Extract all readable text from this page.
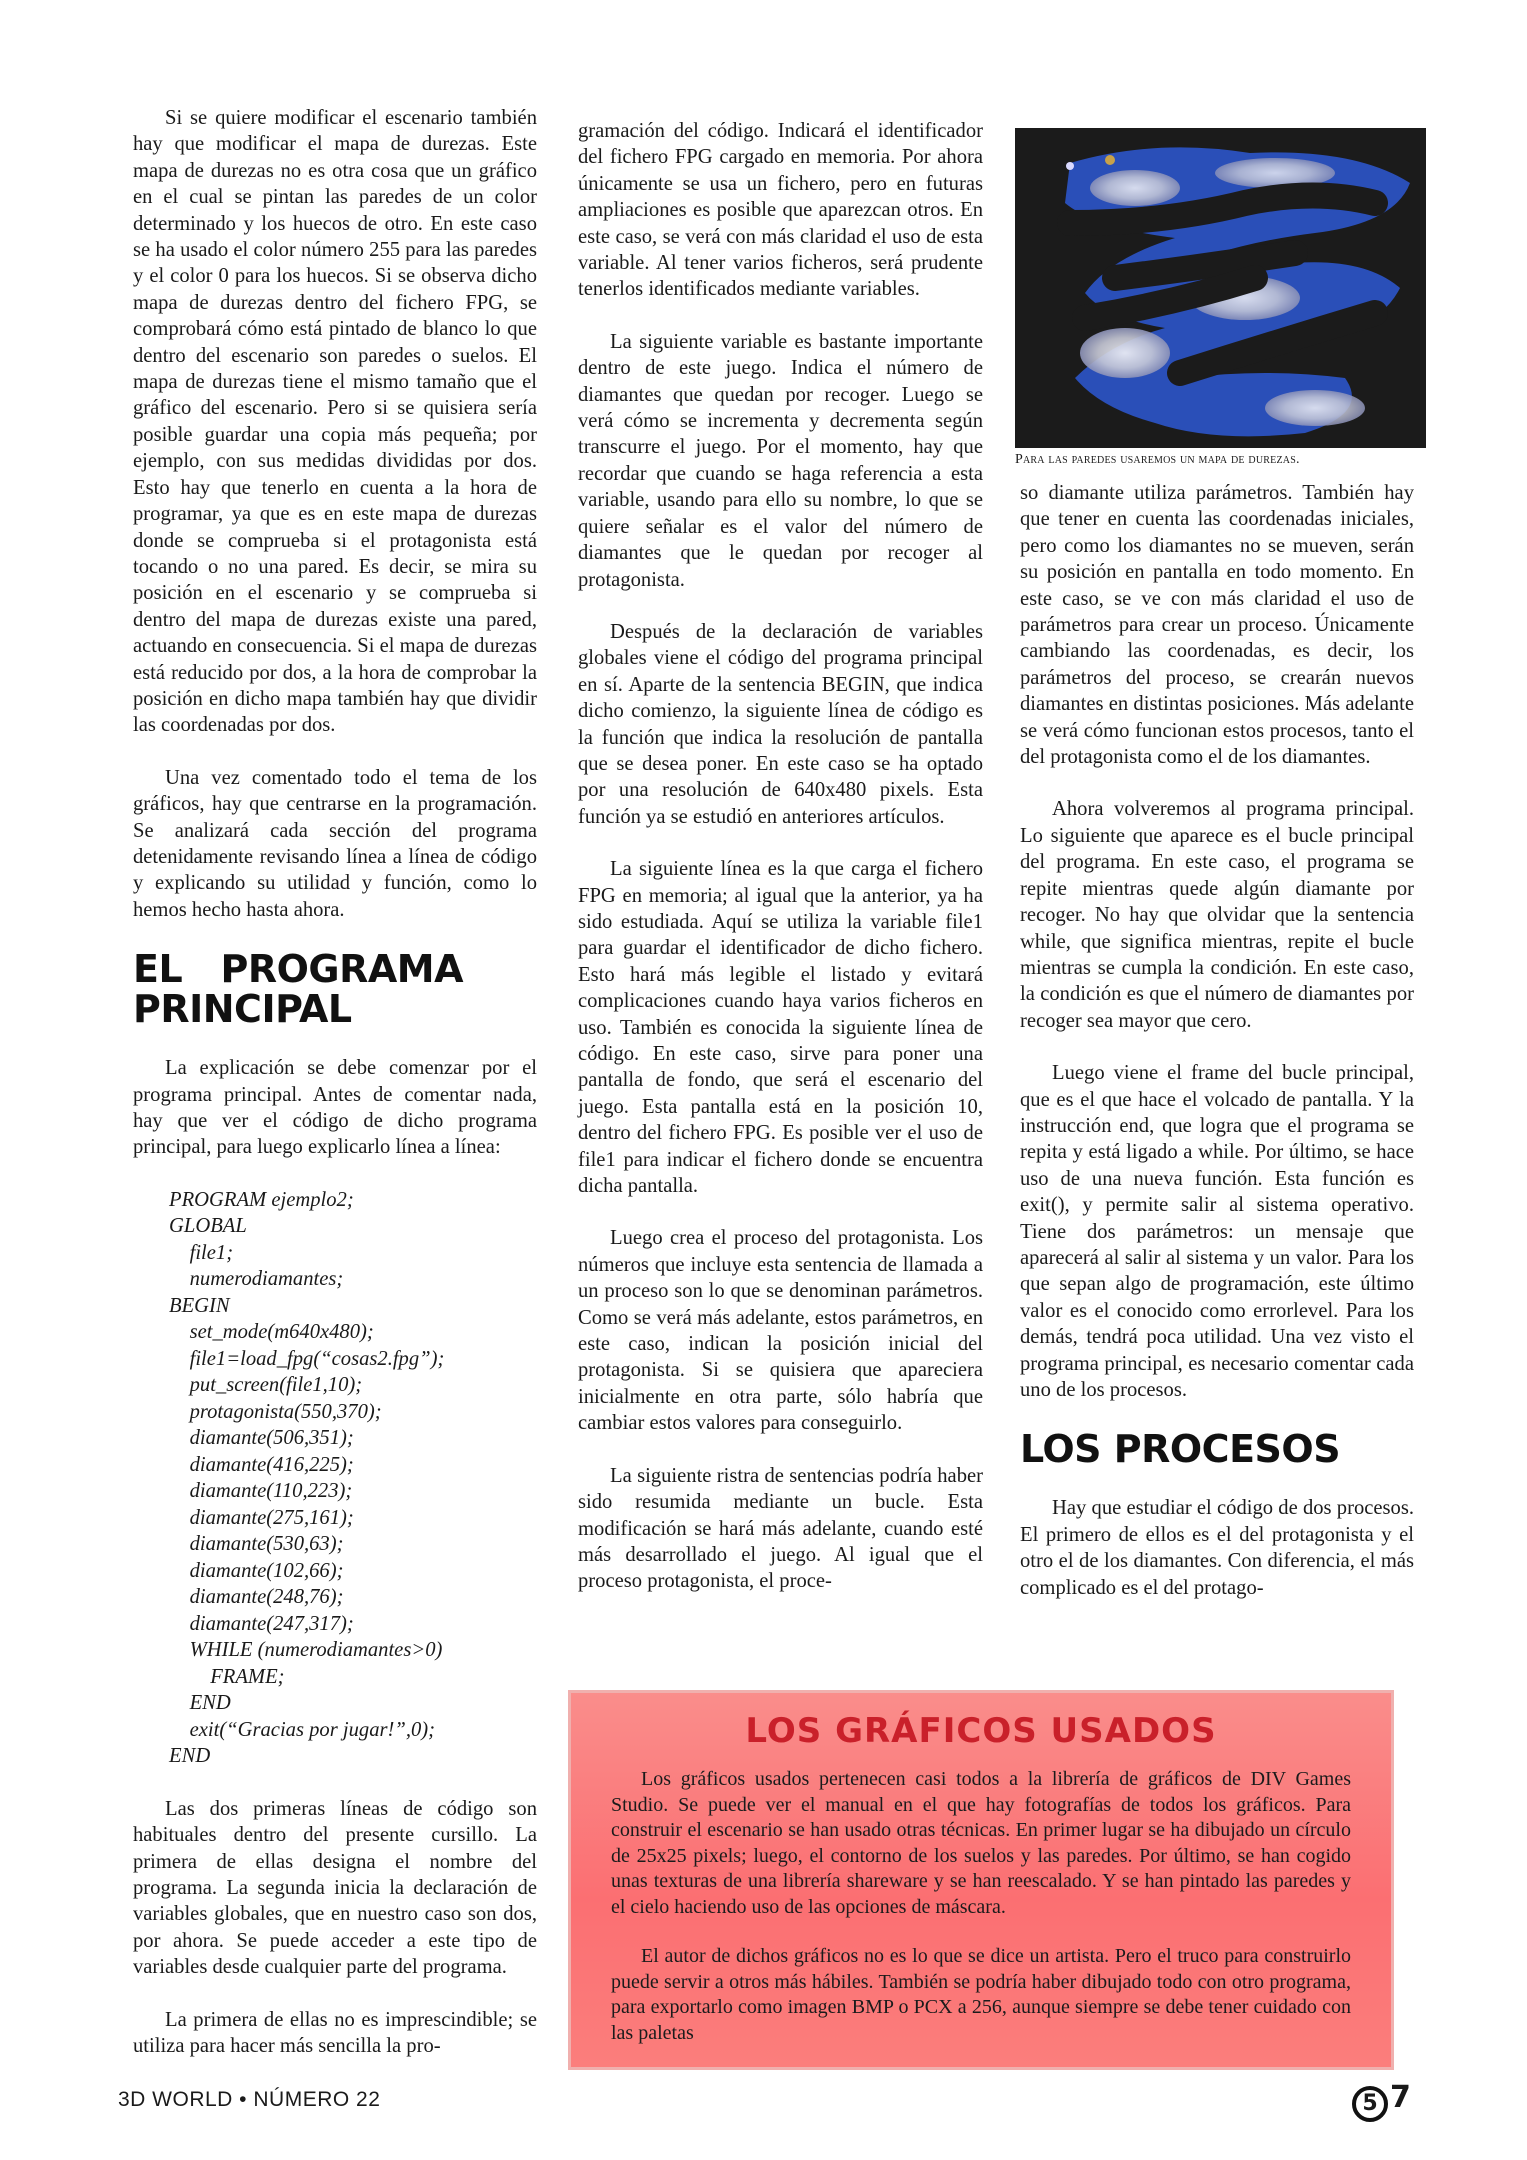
Si se quiere modificar el escenario también hay que modificar el mapa de durezas. Este mapa de durezas no es otra cosa que un gráfico en el cual se pintan las paredes de un color determinado y los huecos de otro. En este caso se ha usado el color número 255 para las paredes y el color 0 para los huecos. Si se observa dicho mapa de durezas dentro del fichero FPG, se comprobará cómo está pintado de blanco lo que dentro del escenario son paredes o suelos. El mapa de durezas tiene el mismo tamaño que el gráfico del escenario. Pero si se quisiera sería posible guardar una copia más pequeña; por ejemplo, con sus medidas divididas por dos. Esto hay que tenerlo en cuenta a la hora de programar, ya que es en este mapa de durezas donde se comprueba si el protagonista está tocando o no una pared. Es decir, se mira su posición en el escenario y se comprueba si dentro del mapa de durezas existe una pared, actuando en consecuencia. Si el mapa de durezas está reducido por dos, a la hora de comprobar la posición en dicho mapa también hay que dividir las coordenadas por dos.

Una vez comentado todo el tema de los gráficos, hay que centrarse en la programación. Se analizará cada sección del programa detenidamente revisando línea a línea de código y explicando su utilidad y función, como lo hemos hecho hasta ahora.

EL PROGRAMA PRINCIPAL

La explicación se debe comenzar por el programa principal. Antes de comentar nada, hay que ver el código de dicho programa principal, para luego explicarlo línea a línea:

PROGRAM ejemplo2;
GLOBAL
file1;
numerodiamantes;
BEGIN
set_mode(m640x480);
file1=load_fpg(“cosas2.fpg”);
put_screen(file1,10);
protagonista(550,370);
diamante(506,351);
diamante(416,225);
diamante(110,223);
diamante(275,161);
diamante(530,63);
diamante(102,66);
diamante(248,76);
diamante(247,317);
WHILE (numerodiamantes>0)
FRAME;
END
exit(“Gracias por jugar!”,0);
END

Las dos primeras líneas de código son habituales dentro del presente cursillo. La primera de ellas designa el nombre del programa. La segunda inicia la declaración de variables globales, que en nuestro caso son dos, por ahora. Se puede acceder a este tipo de variables desde cualquier parte del programa.

La primera de ellas no es imprescindible; se utiliza para hacer más sencilla la pro-

gramación del código. Indicará el identificador del fichero FPG cargado en memoria. Por ahora únicamente se usa un fichero, pero en futuras ampliaciones es posible que aparezcan otros. En este caso, se verá con más claridad el uso de esta variable. Al tener varios ficheros, será prudente tenerlos identificados mediante variables.

La siguiente variable es bastante importante dentro de este juego. Indica el número de diamantes que quedan por recoger. Luego se verá cómo se incrementa y decrementa según transcurre el juego. Por el momento, hay que recordar que cuando se haga referencia a esta variable, usando para ello su nombre, lo que se quiere señalar es el valor del número de diamantes que le quedan por recoger al protagonista.

Después de la declaración de variables globales viene el código del programa principal en sí. Aparte de la sentencia BEGIN, que indica dicho comienzo, la siguiente línea de código es la función que indica la resolución de pantalla que se desea poner. En este caso se ha optado por una resolución de 640x480 pixels. Esta función ya se estudió en anteriores artículos.

La siguiente línea es la que carga el fichero FPG en memoria; al igual que la anterior, ya ha sido estudiada. Aquí se utiliza la variable file1 para guardar el identificador de dicho fichero. Esto hará más legible el listado y evitará complicaciones cuando haya varios ficheros en uso. También es conocida la siguiente línea de código. En este caso, sirve para poner una pantalla de fondo, que será el escenario del juego. Esta pantalla está en la posición 10, dentro del fichero FPG. Es posible ver el uso de file1 para indicar el fichero donde se encuentra dicha pantalla.

Luego crea el proceso del protagonista. Los números que incluye esta sentencia de llamada a un proceso son lo que se denominan parámetros. Como se verá más adelante, estos parámetros, en este caso, indican la posición inicial del protagonista. Si se quisiera que apareciera inicialmente en otra parte, sólo habría que cambiar estos valores para conseguirlo.

La siguiente ristra de sentencias podría haber sido resumida mediante un bucle. Esta modificación se hará más adelante, cuando esté más desarrollado el juego. Al igual que el proceso protagonista, el proce-

Para las paredes usaremos un mapa de durezas.

so diamante utiliza parámetros. También hay que tener en cuenta las coordenadas iniciales, pero como los diamantes no se mueven, serán su posición en pantalla en todo momento. En este caso, se ve con más claridad el uso de parámetros para crear un proceso. Únicamente cambiando las coordenadas, es decir, los parámetros del proceso, se crearán nuevos diamantes en distintas posiciones. Más adelante se verá cómo funcionan estos procesos, tanto el del protagonista como el de los diamantes.

Ahora volveremos al programa principal. Lo siguiente que aparece es el bucle principal del programa. En este caso, el programa se repite mientras quede algún diamante por recoger. No hay que olvidar que la sentencia while, que significa mientras, repite el bucle mientras se cumpla la condición. En este caso, la condición es que el número de diamantes por recoger sea mayor que cero.

Luego viene el frame del bucle principal, que es el que hace el volcado de pantalla. Y la instrucción end, que logra que el programa se repita y está ligado a while. Por último, se hace uso de una nueva función. Esta función es exit(), y permite salir al sistema operativo. Tiene dos parámetros: un mensaje que aparecerá al salir al sistema y un valor. Para los que sepan algo de programación, este último valor es el conocido como errorlevel. Para los demás, tendrá poca utilidad. Una vez visto el programa principal, es necesario comentar cada uno de los procesos.

LOS PROCESOS

Hay que estudiar el código de dos procesos. El primero de ellos es el del protagonista y el otro el de los diamantes. Con diferencia, el más complicado es el del protago-

LOS GRÁFICOS USADOS

Los gráficos usados pertenecen casi todos a la librería de gráficos de DIV Games Studio. Se puede ver el manual en el que hay fotografías de todos los gráficos. Para construir el escenario se han usado otras técnicas. En primer lugar se ha dibujado un círculo de 25x25 pixels; luego, el contorno de los suelos y las paredes. Por último, se han cogido unas texturas de una librería shareware y se han reescalado. Y se han pintado las paredes y el cielo haciendo uso de las opciones de máscara.

El autor de dichos gráficos no es lo que se dice un artista. Pero el truco para construirlo puede servir a otros más hábiles. También se podría haber dibujado todo con otro programa, para exportarlo como imagen BMP o PCX a 256, aunque siempre se debe tener cuidado con las paletas

3D WORLD • NÚMERO 22	5 7
